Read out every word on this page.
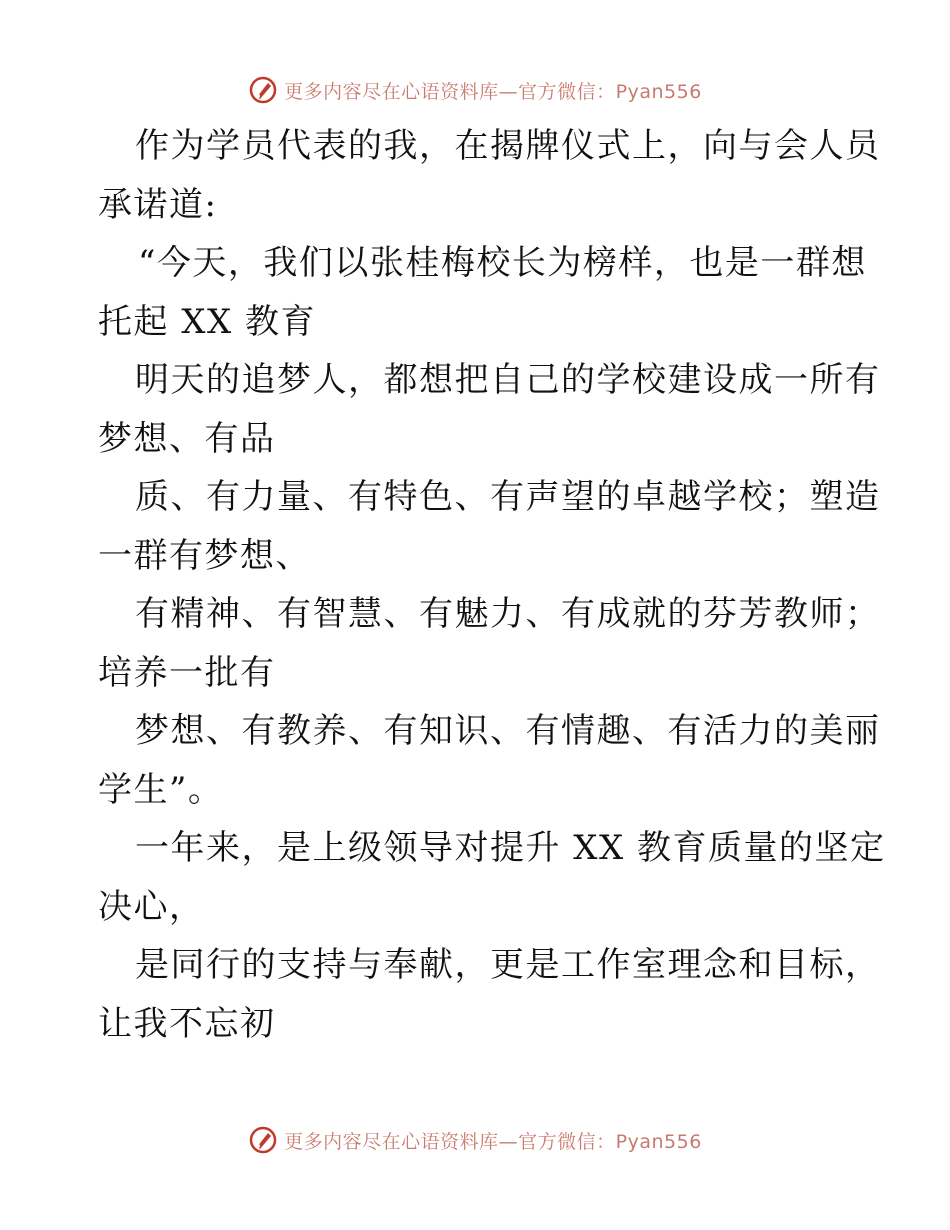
更多内容尽在心语资料库—官方微信：Pyan556
作为学员代表的我，在揭牌仪式上，向与会人员
承诺道:
“今天，我们以张桂梅校长为榜样，也是一群想
托起 XX 教育
明天的追梦人，都想把自己的学校建设成一所有
梦想、有品
质、有力量、有特色、有声望的卓越学校；塑造
一群有梦想、
有精神、有智慧、有魅力、有成就的芬芳教师；
培养一批有
梦想、有教养、有知识、有情趣、有活力的美丽
学生”。
一年来，是上级领导对提升 XX 教育质量的坚定
决心，
是同行的支持与奉献，更是工作室理念和目标，
让我不忘初
更多内容尽在心语资料库—官方微信：Pyan556
